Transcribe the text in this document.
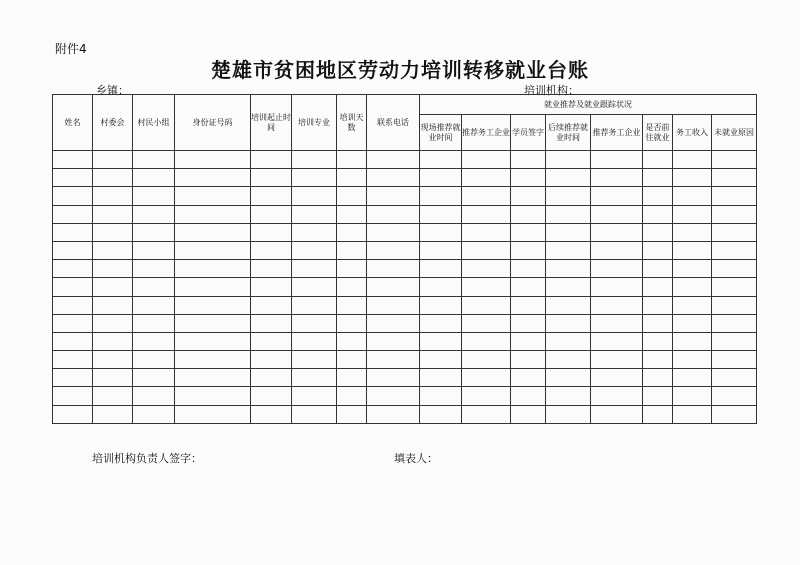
附件4
楚雄市贫困地区劳动力培训转移就业台账
乡镇：	培训机构：
姓名	村委会	村民小组	身份证号码	培训起止时间	培训专业	培训天数	联系电话	就业推荐及就业跟踪状况							
								现场推荐就业时间	推荐务工企业	学员签字	后续推荐就业时间	推荐务工企业	是否前往就业	务工收入	未就业原因

培训机构负责人签字：	填表人：
